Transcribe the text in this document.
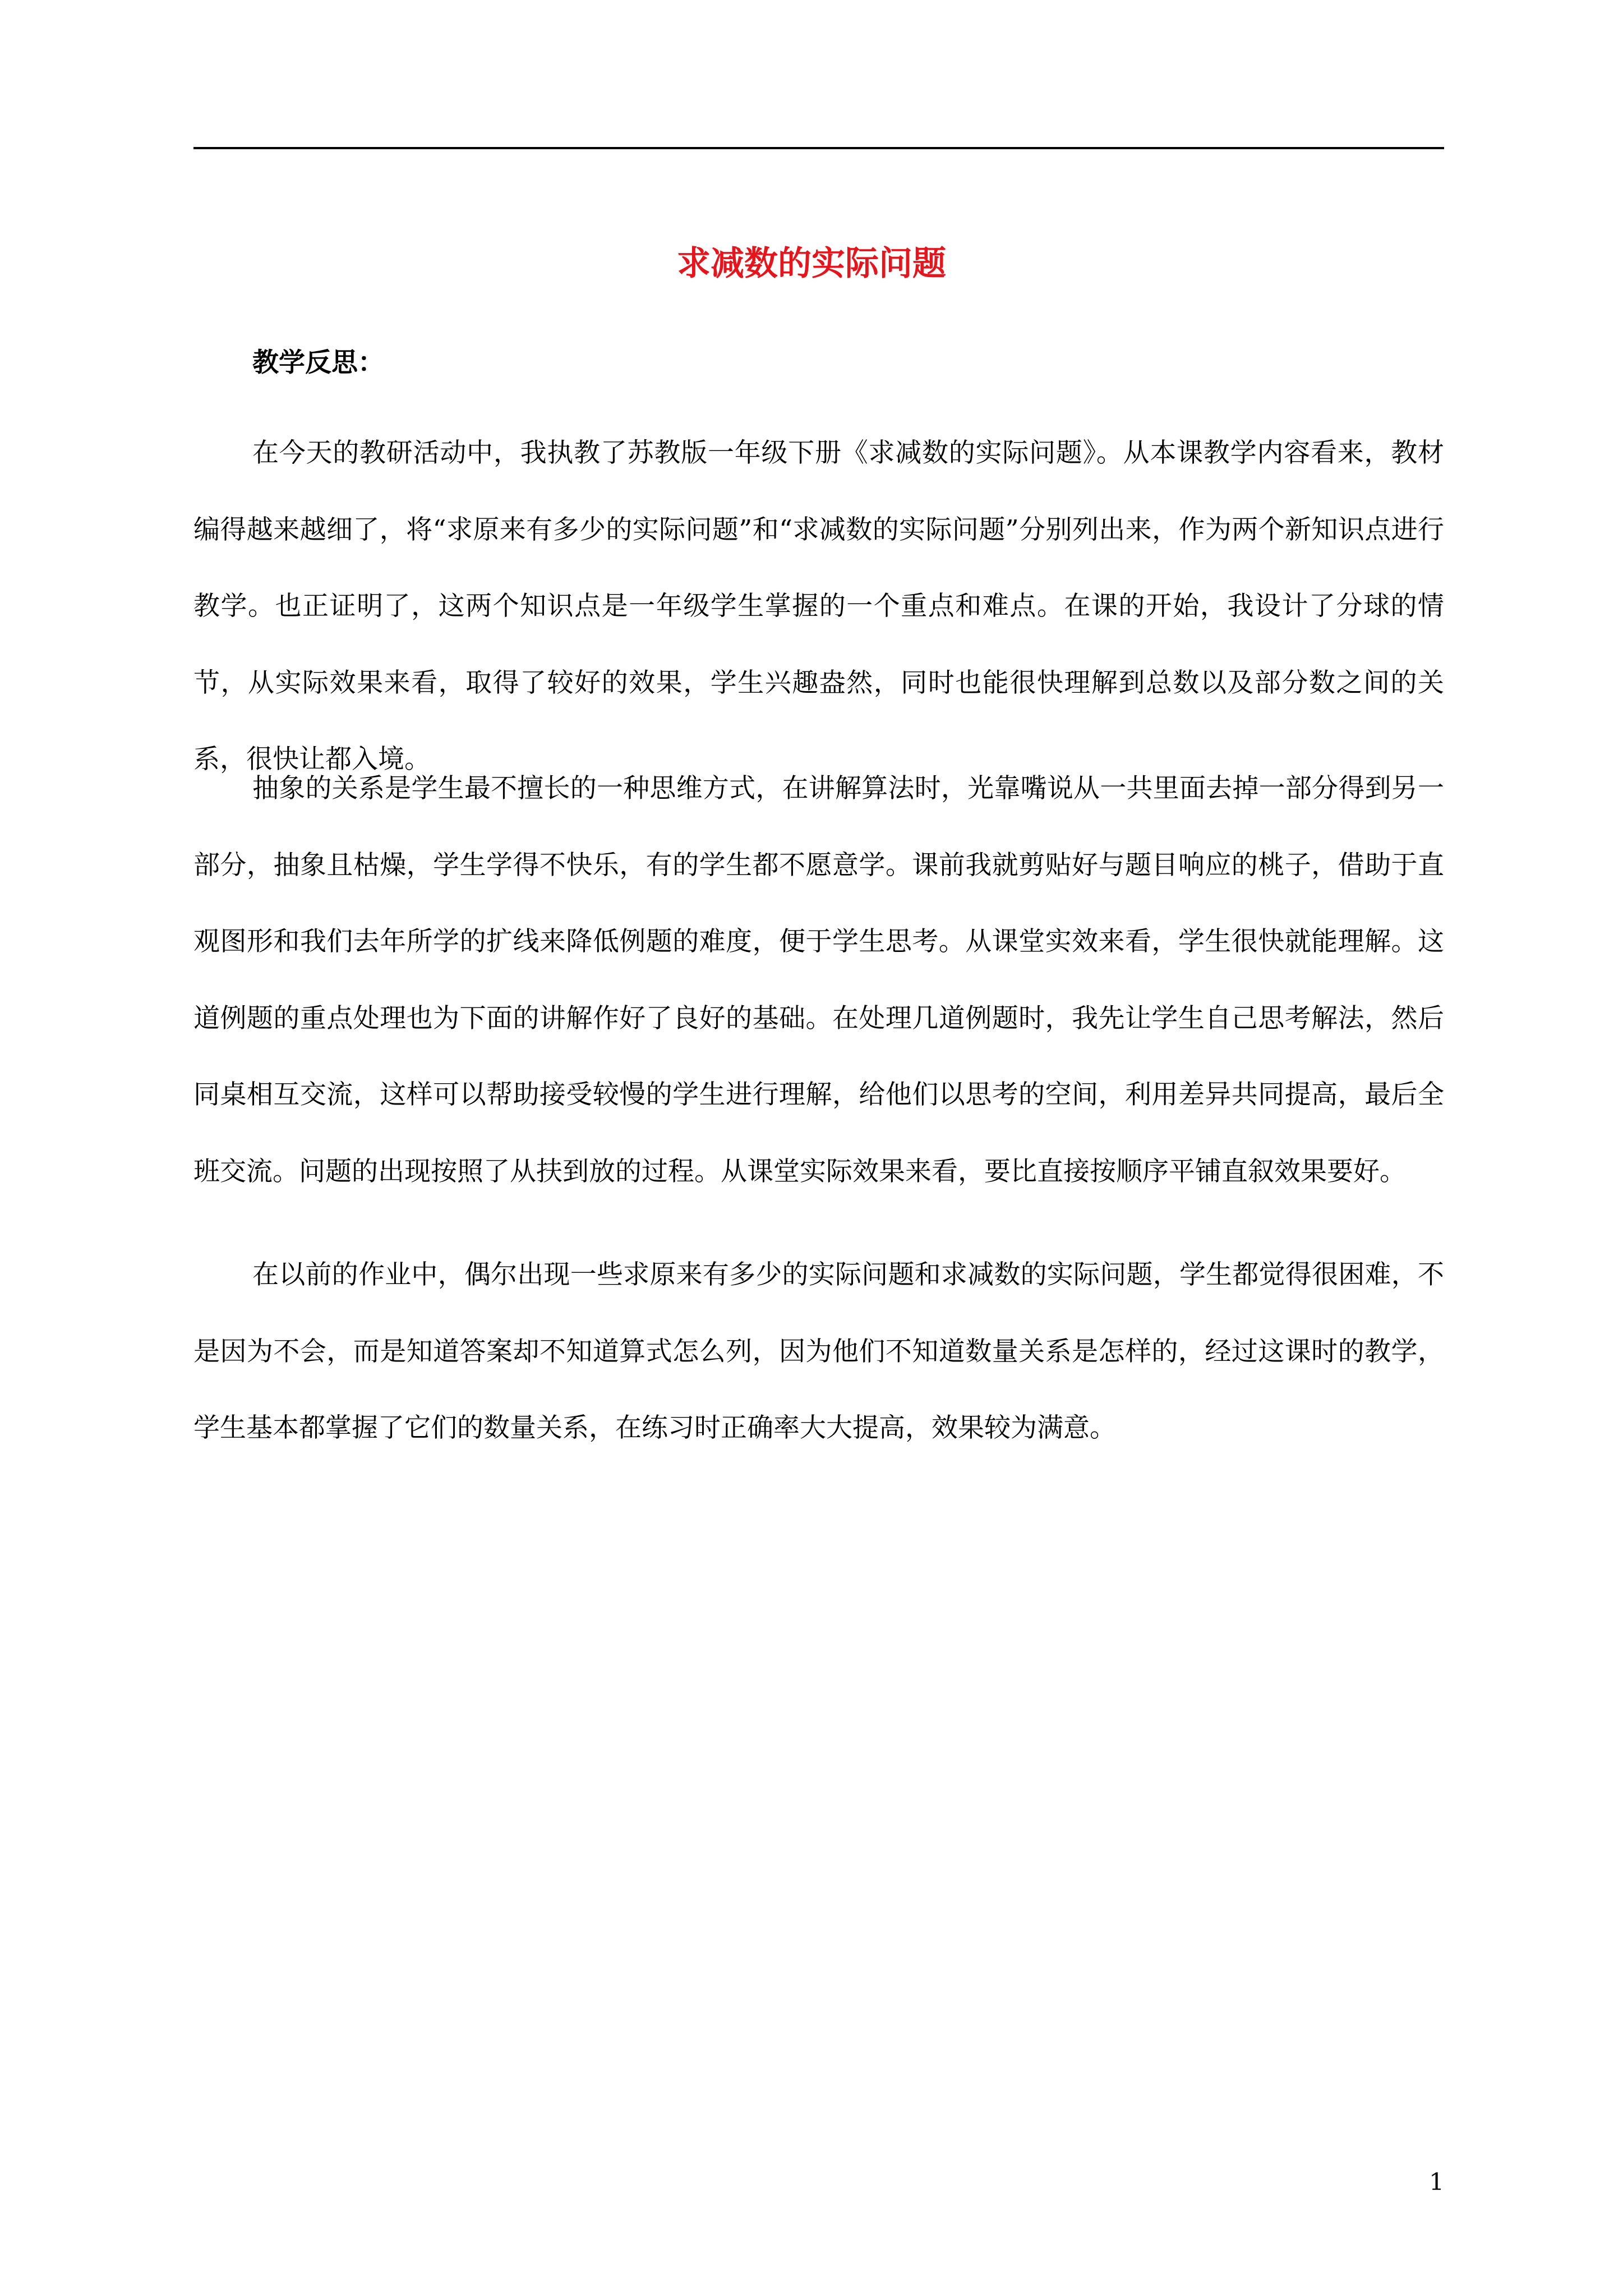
求减数的实际问题

教学反思：

在今天的教研活动中，我执教了苏教版一年级下册《求减数的实际问题》。从本课教学内容看来，教材编得越来越细了，将“求原来有多少的实际问题”和“求减数的实际问题”分别列出来，作为两个新知识点进行教学。也正证明了，这两个知识点是一年级学生掌握的一个重点和难点。在课的开始，我设计了分球的情节，从实际效果来看，取得了较好的效果，学生兴趣盎然，同时也能很快理解到总数以及部分数之间的关系，很快让都入境。

抽象的关系是学生最不擅长的一种思维方式，在讲解算法时，光靠嘴说从一共里面去掉一部分得到另一部分，抽象且枯燥，学生学得不快乐，有的学生都不愿意学。课前我就剪贴好与题目响应的桃子，借助于直观图形和我们去年所学的扩线来降低例题的难度，便于学生思考。从课堂实效来看，学生很快就能理解。这道例题的重点处理也为下面的讲解作好了良好的基础。在处理几道例题时，我先让学生自己思考解法，然后同桌相互交流，这样可以帮助接受较慢的学生进行理解，给他们以思考的空间，利用差异共同提高，最后全班交流。问题的出现按照了从扶到放的过程。从课堂实际效果来看，要比直接按顺序平铺直叙效果要好。

在以前的作业中，偶尔出现一些求原来有多少的实际问题和求减数的实际问题，学生都觉得很困难，不是因为不会，而是知道答案却不知道算式怎么列，因为他们不知道数量关系是怎样的，经过这课时的教学，学生基本都掌握了它们的数量关系，在练习时正确率大大提高，效果较为满意。

1
